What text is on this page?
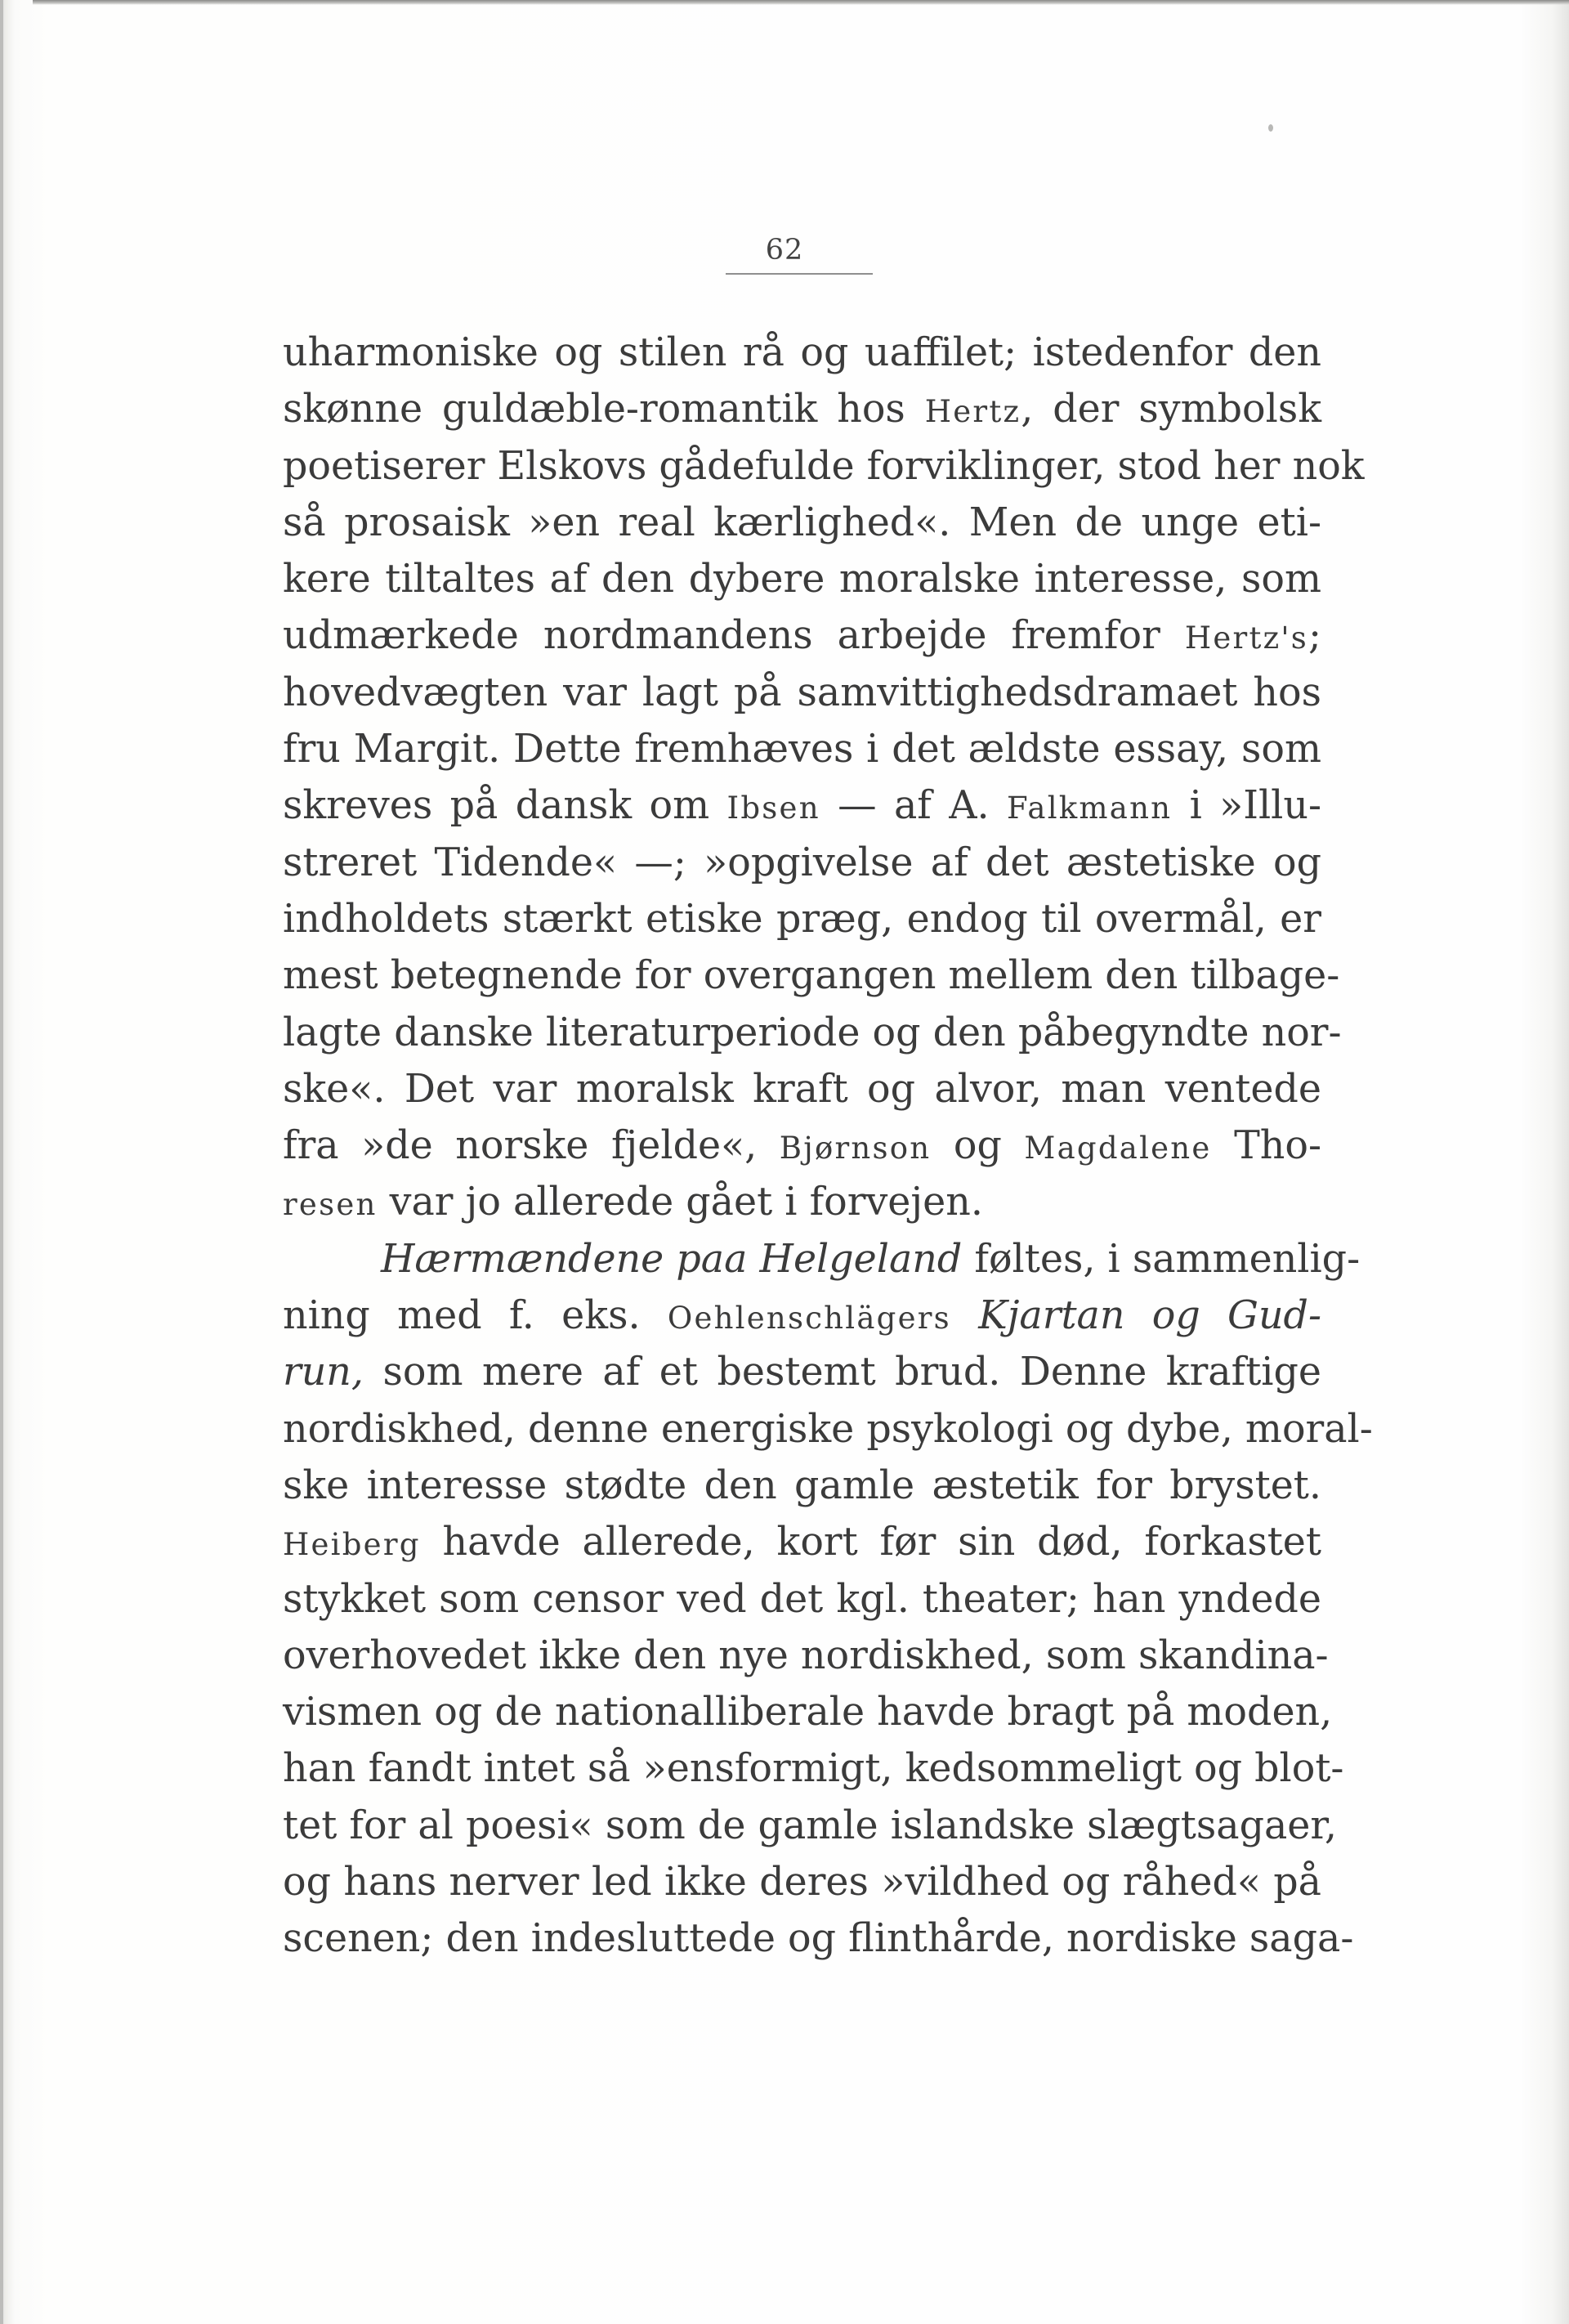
62
uharmoniske og stilen rå og uaffilet; istedenfor den
skønne guldæble-romantik hos Hertz, der symbolsk
poetiserer Elskovs gådefulde forviklinger, stod her nok
så prosaisk »en real kærlighed«. Men de unge eti-
kere tiltaltes af den dybere moralske interesse, som
udmærkede nordmandens arbejde fremfor Hertz's;
hovedvægten var lagt på samvittighedsdramaet hos
fru Margit. Dette fremhæves i det ældste essay, som
skreves på dansk om Ibsen — af A. Falkmann i »Illu-
streret Tidende« —; »opgivelse af det æstetiske og
indholdets stærkt etiske præg, endog til overmål, er
mest betegnende for overgangen mellem den tilbage-
lagte danske literaturperiode og den påbegyndte nor-
ske«. Det var moralsk kraft og alvor, man ventede
fra »de norske fjelde«, Bjørnson og Magdalene Tho-
resen var jo allerede gået i forvejen.
Hærmændene paa Helgeland føltes, i sammenlig-
ning med f. eks. Oehlenschlägers Kjartan og Gud-
run, som mere af et bestemt brud. Denne kraftige
nordiskhed, denne energiske psykologi og dybe, moral-
ske interesse stødte den gamle æstetik for brystet.
Heiberg havde allerede, kort før sin død, forkastet
stykket som censor ved det kgl. theater; han yndede
overhovedet ikke den nye nordiskhed, som skandina-
vismen og de nationalliberale havde bragt på moden,
han fandt intet så »ensformigt, kedsommeligt og blot-
tet for al poesi« som de gamle islandske slægtsagaer,
og hans nerver led ikke deres »vildhed og råhed« på
scenen; den indesluttede og flinthårde, nordiske saga-
